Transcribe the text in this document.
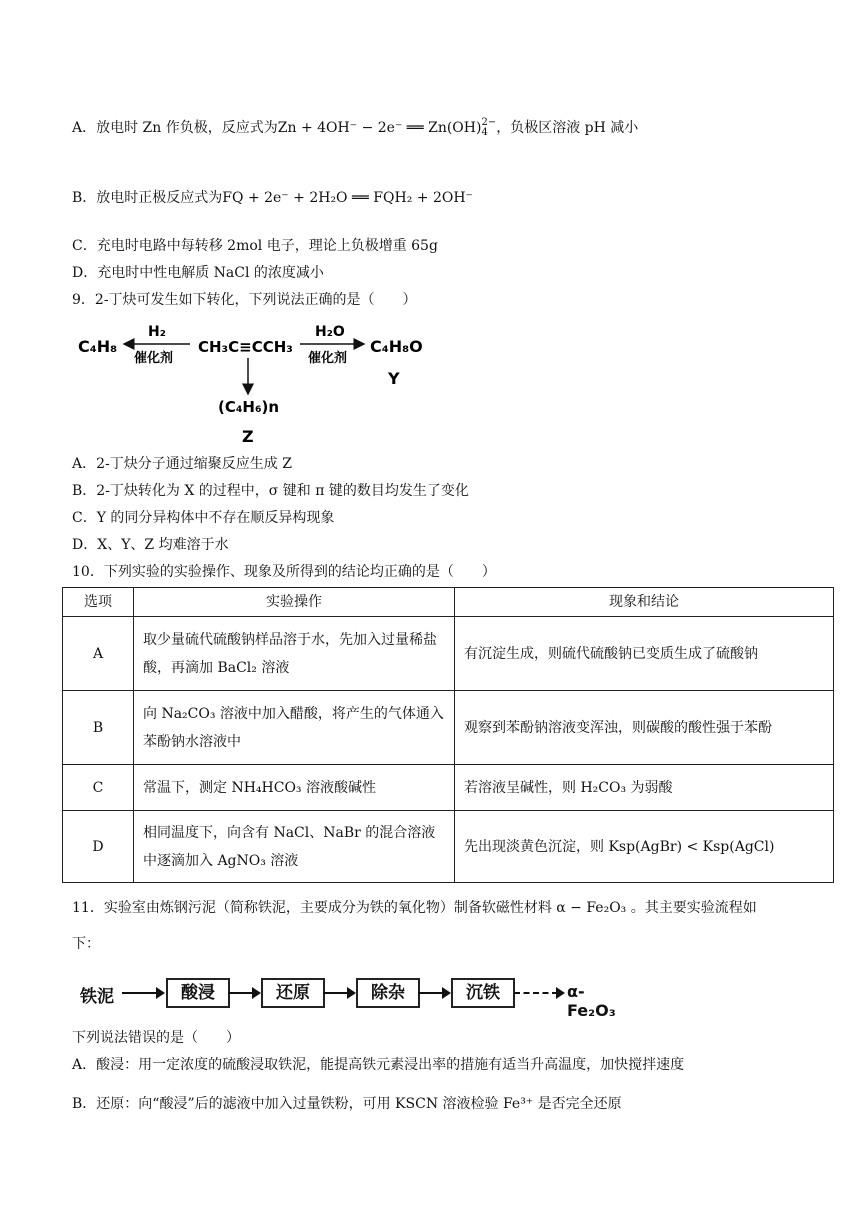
A．放电时 Zn 作负极，反应式为Zn + 4OH⁻ − 2e⁻ ══ Zn(OH) 2−
4 ，负极区溶液 pH 减小
B．放电时正极反应式为FQ + 2e⁻ + 2H₂O ══ FQH₂ + 2OH⁻
C．充电时电路中每转移 2mol 电子，理论上负极增重 65g
D．充电时中性电解质 NaCl 的浓度减小
9．2-丁炔可发生如下转化，下列说法正确的是（　　）
C₄H₈
H₂
催化剂
CH₃C≡CCH₃
H₂O
催化剂
C₄H₈O
Y
(C₄H₆)n
Z
A．2-丁炔分子通过缩聚反应生成 Z
B．2-丁炔转化为 X 的过程中，σ 键和 π 键的数目均发生了变化
C．Y 的同分异构体中不存在顺反异构现象
D．X、Y、Z 均难溶于水
10．下列实验的实验操作、现象及所得到的结论均正确的是（　　）
选项	实验操作	现象和结论
A	取少量硫代硫酸钠样品溶于水，先加入过量稀盐酸，再滴加 BaCl₂ 溶液	有沉淀生成，则硫代硫酸钠已变质生成了硫酸钠
B	向 Na₂CO₃ 溶液中加入醋酸，将产生的气体通入苯酚钠水溶液中	观察到苯酚钠溶液变浑浊，则碳酸的酸性强于苯酚
C	常温下，测定 NH₄HCO₃ 溶液酸碱性	若溶液呈碱性，则 H₂CO₃ 为弱酸
D	相同温度下，向含有 NaCl、NaBr 的混合溶液中逐滴加入 AgNO₃ 溶液	先出现淡黄色沉淀，则 Ksp(AgBr) < Ksp(AgCl)
11．实验室由炼钢污泥（简称铁泥，主要成分为铁的氧化物）制备软磁性材料 α − Fe₂O₃ 。其主要实验流程如
下：
铁泥	酸浸	还原	除杂	沉铁	α-Fe₂O₃
下列说法错误的是（　　）
A．酸浸：用一定浓度的硫酸浸取铁泥，能提高铁元素浸出率的措施有适当升高温度，加快搅拌速度
B．还原：向“酸浸”后的滤液中加入过量铁粉，可用 KSCN 溶液检验 Fe³⁺ 是否完全还原
